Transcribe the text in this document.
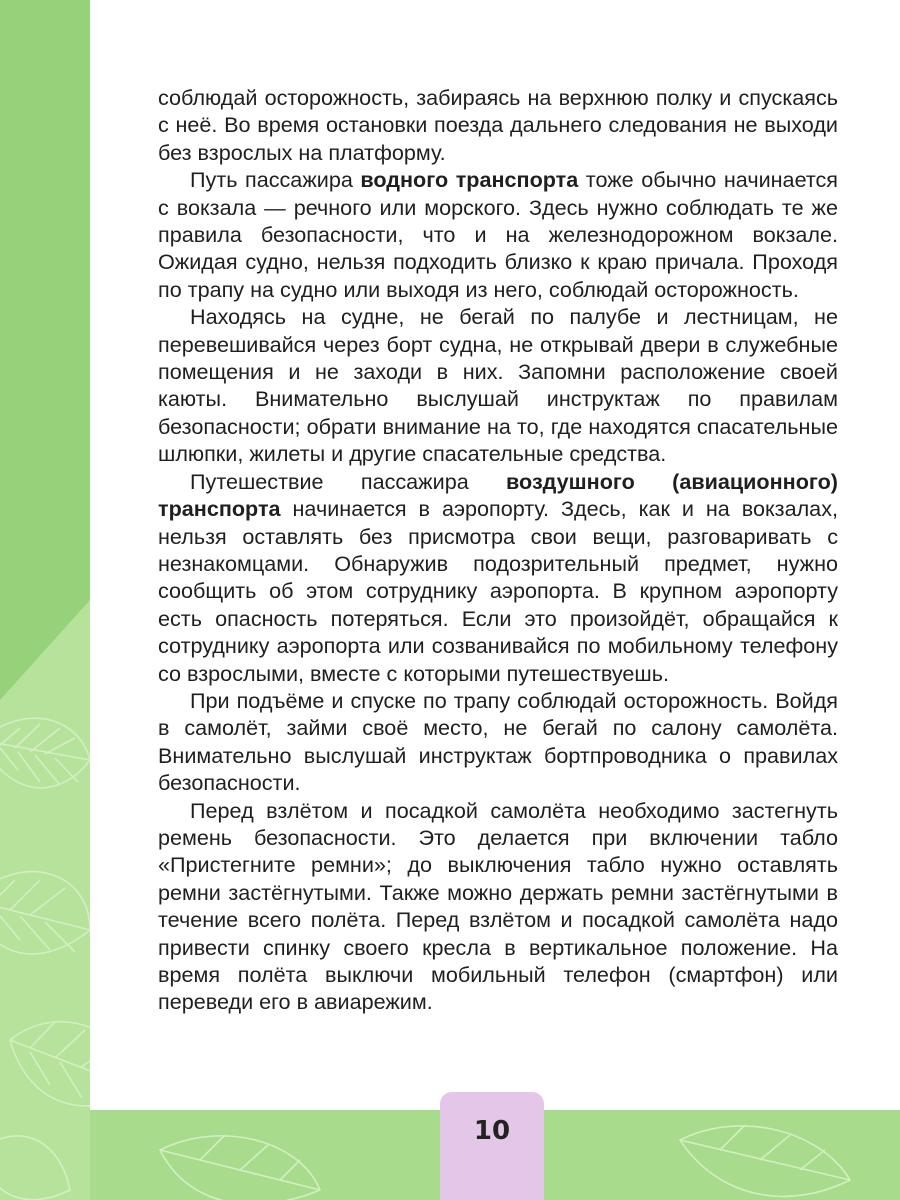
соблюдай осторожность, забираясь на верхнюю полку и спускаясь с неё. Во время остановки поезда дальнего следования не выходи без взрослых на платформу.

Путь пассажира водного транспорта тоже обычно начинается с вокзала — речного или морского. Здесь нужно соблюдать те же правила безопасности, что и на железнодорожном вокзале. Ожидая судно, нельзя подходить близко к краю причала. Проходя по трапу на судно или выходя из него, соблюдай осторожность.

Находясь на судне, не бегай по палубе и лестницам, не перевешивайся через борт судна, не открывай двери в служебные помещения и не заходи в них. Запомни расположение своей каюты. Внимательно выслушай инструктаж по правилам безопасности; обрати внимание на то, где находятся спасательные шлюпки, жилеты и другие спасательные средства.

Путешествие пассажира воздушного (авиационного) транспорта начинается в аэропорту. Здесь, как и на вокзалах, нельзя оставлять без присмотра свои вещи, разговаривать с незнакомцами. Обнаружив подозрительный предмет, нужно сообщить об этом сотруднику аэропорта. В крупном аэропорту есть опасность потеряться. Если это произойдёт, обращайся к сотруднику аэропорта или созванивайся по мобильному телефону со взрослыми, вместе с которыми путешествуешь.

При подъёме и спуске по трапу соблюдай осторожность. Войдя в самолёт, займи своё место, не бегай по салону самолёта. Внимательно выслушай инструктаж бортпроводника о правилах безопасности.

Перед взлётом и посадкой самолёта необходимо застегнуть ремень безопасности. Это делается при включении табло «Пристегните ремни»; до выключения табло нужно оставлять ремни застёгнутыми. Также можно держать ремни застёгнутыми в течение всего полёта. Перед взлётом и посадкой самолёта надо привести спинку своего кресла в вертикальное положение. На время полёта выключи мобильный телефон (смартфон) или переведи его в авиарежим.

10
